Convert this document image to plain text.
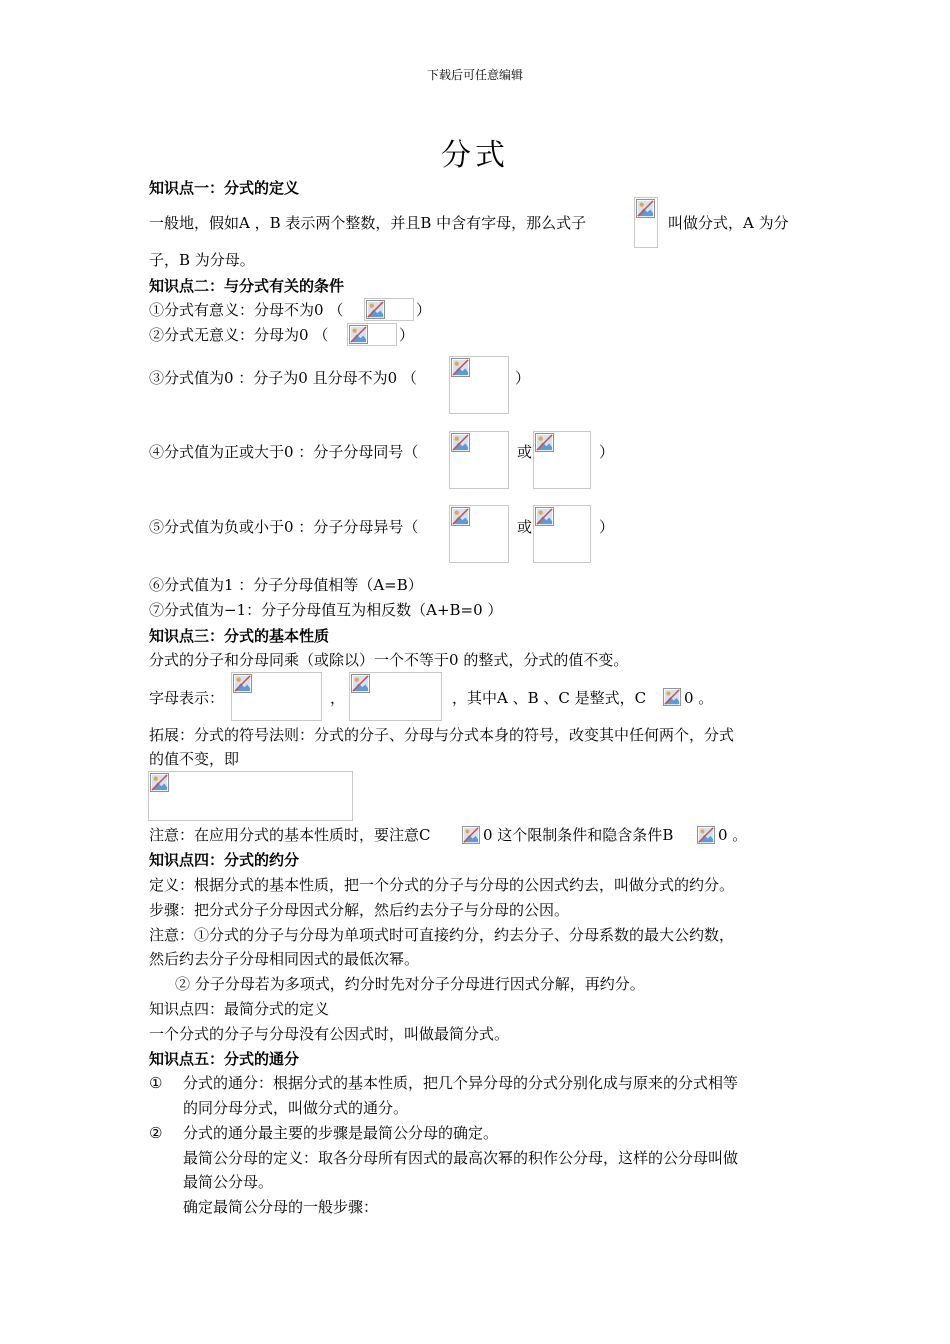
下载后可任意编辑
分式
知识点一：分式的定义
一般地，假如A ，B 表示两个整数，并且B 中含有字母，那么式子	叫做分式，A 为分
子，B 为分母。
知识点二：与分式有关的条件
①分式有意义：分母不为0 （	）
②分式无意义：分母为0 （	）
③分式值为0 ：分子为0 且分母不为0 （	）
④分式值为正或大于0 ：分子分母同号（	或	）
⑤分式值为负或小于0 ：分子分母异号（	或	）
⑥分式值为1 ：分子分母值相等（A=B）
⑦分式值为−1：分子分母值互为相反数（A+B=0 ）
知识点三：分式的基本性质
分式的分子和分母同乘（或除以）一个不等于0 的整式，分式的值不变。
字母表示：	，	，其中A 、B 、C 是整式，C	0 。
拓展：分式的符号法则：分式的分子、分母与分式本身的符号，改变其中任何两个，分式
的值不变，即
注意：在应用分式的基本性质时，要注意C	0 这个限制条件和隐含条件B	0 。
知识点四：分式的约分
定义：根据分式的基本性质，把一个分式的分子与分母的公因式约去，叫做分式的约分。
步骤：把分式分子分母因式分解，然后约去分子与分母的公因。
注意：①分式的分子与分母为单项式时可直接约分，约去分子、分母系数的最大公约数，
然后约去分子分母相同因式的最低次幂。
② 分子分母若为多项式，约分时先对分子分母进行因式分解，再约分。
知识点四：最简分式的定义
一个分式的分子与分母没有公因式时，叫做最简分式。
知识点五：分式的通分
① 分式的通分：根据分式的基本性质，把几个异分母的分式分别化成与原来的分式相等
的同分母分式，叫做分式的通分。
② 分式的通分最主要的步骤是最简公分母的确定。
最简公分母的定义：取各分母所有因式的最高次幂的积作公分母，这样的公分母叫做
最简公分母。
确定最简公分母的一般步骤：
